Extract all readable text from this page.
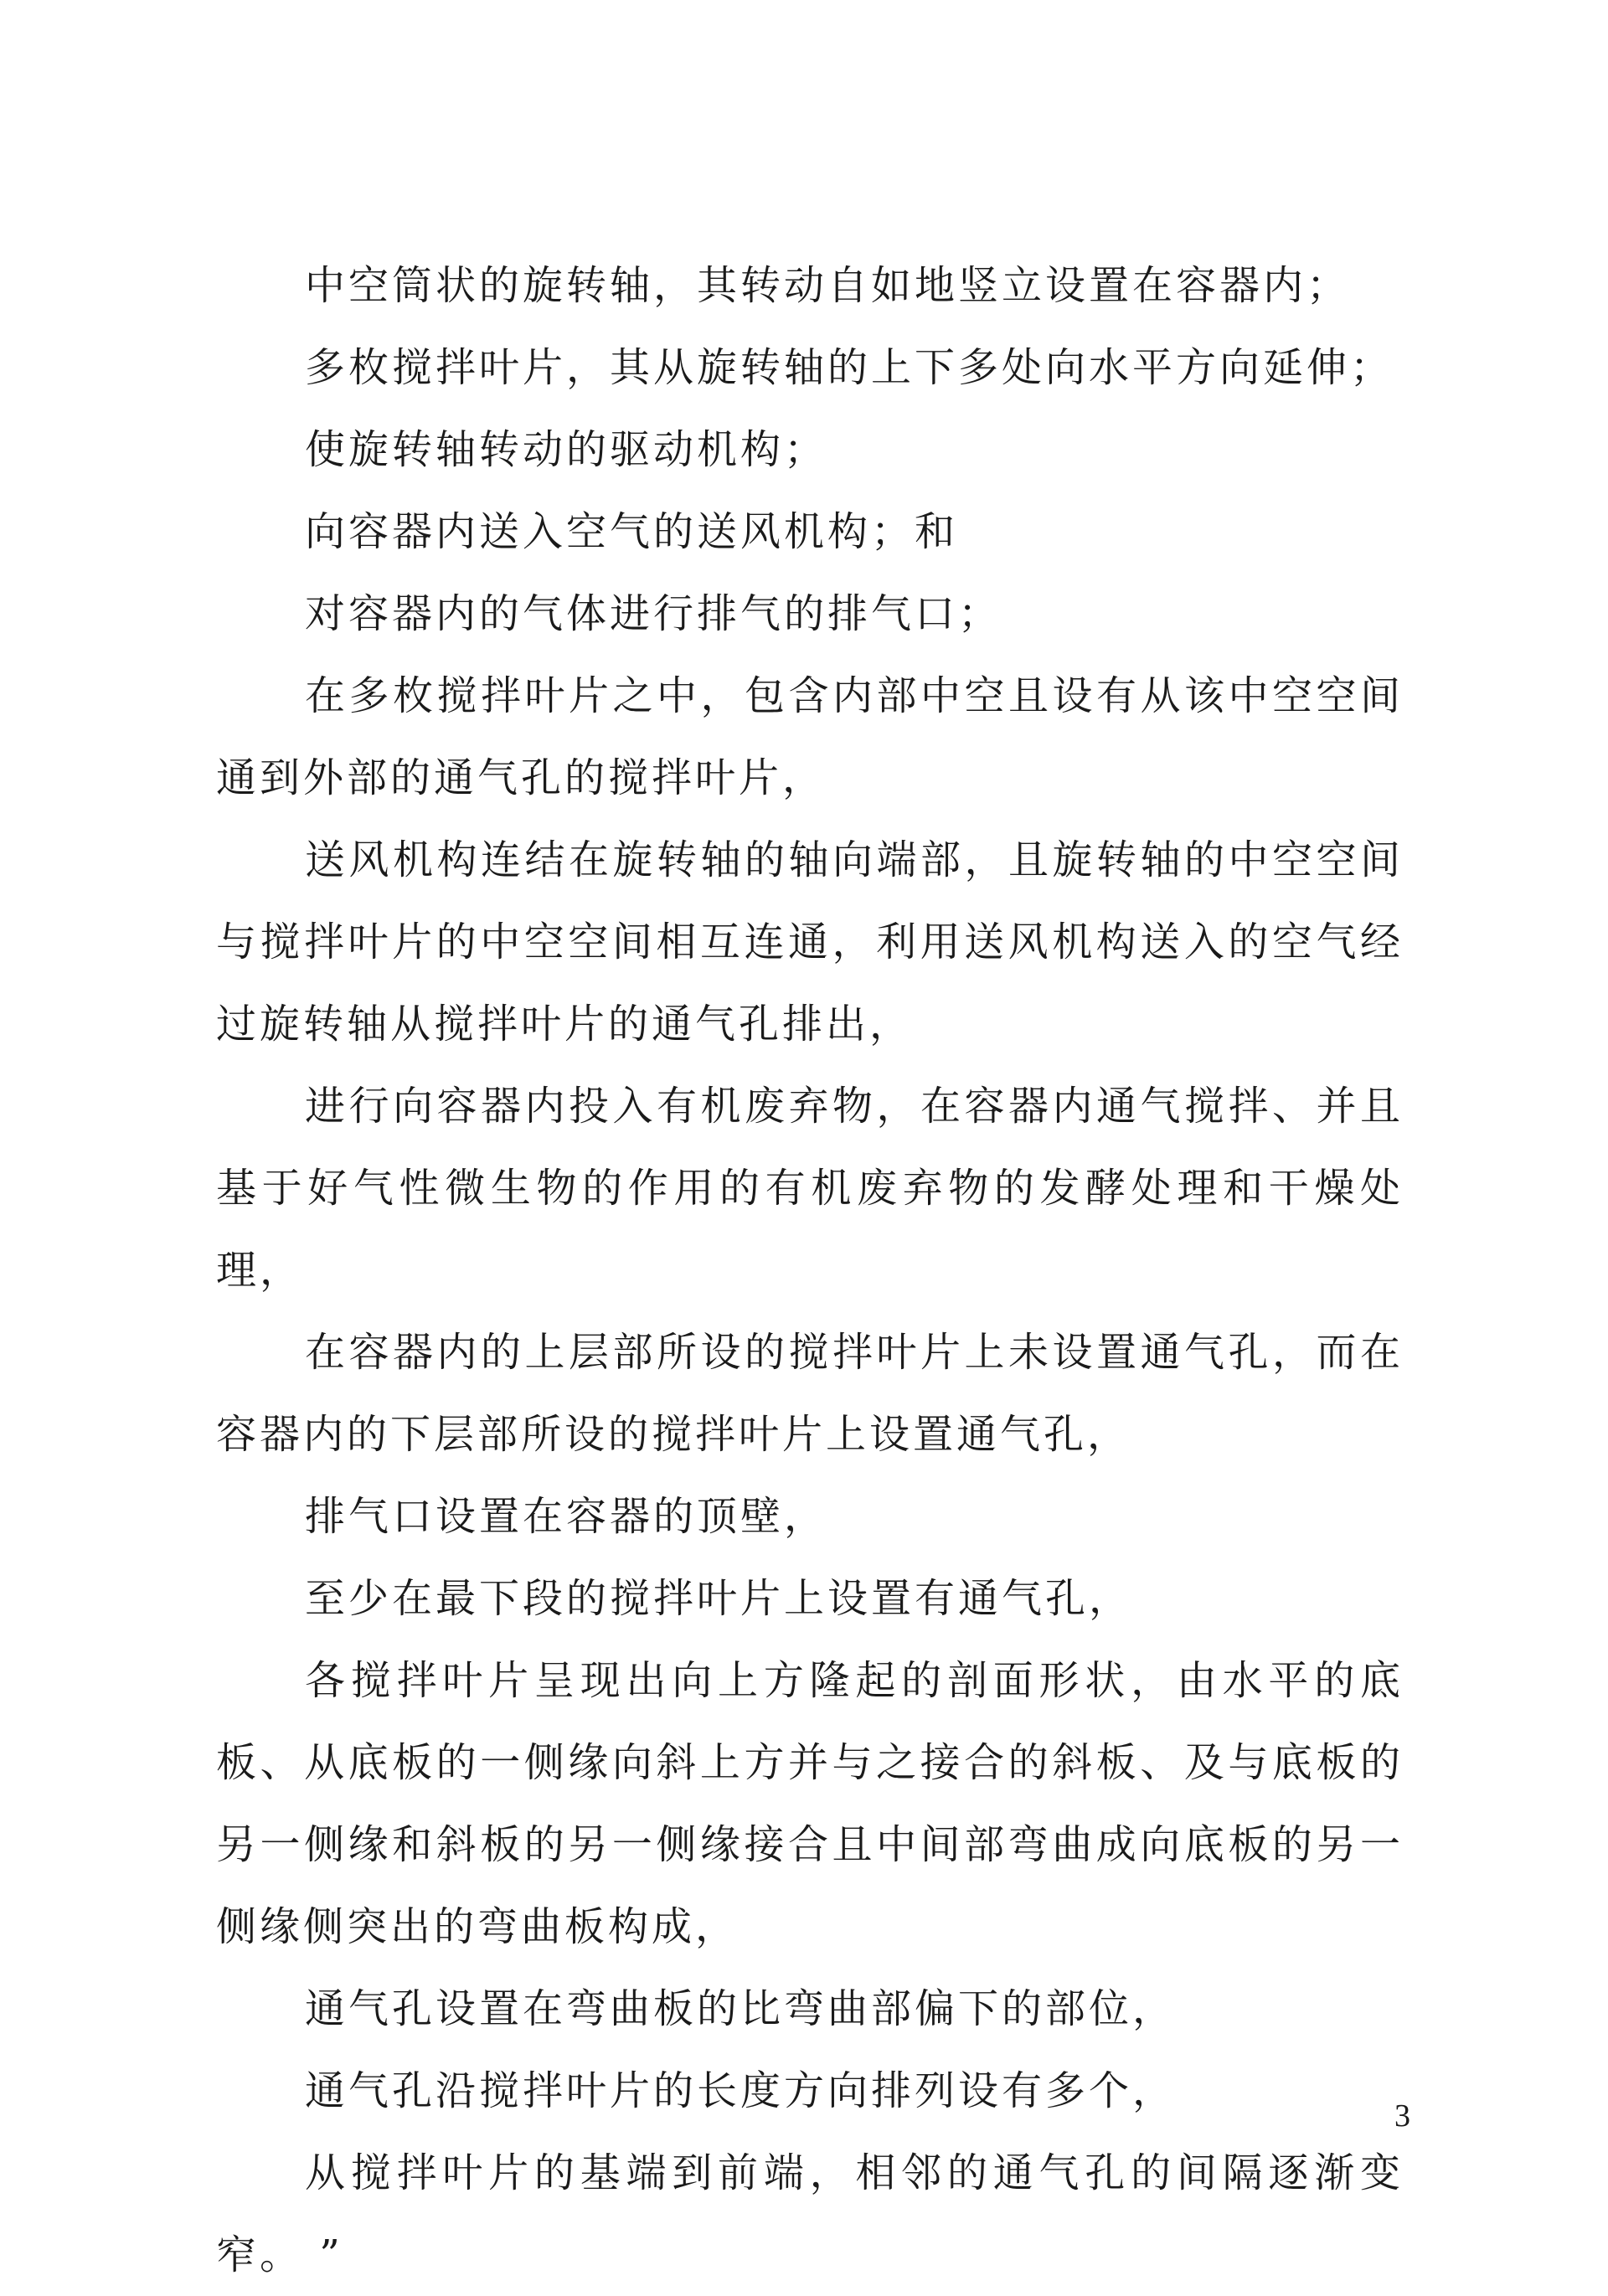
中空筒状的旋转轴，其转动自如地竖立设置在容器内；

多枚搅拌叶片，其从旋转轴的上下多处向水平方向延伸；

使旋转轴转动的驱动机构；

向容器内送入空气的送风机构；和

对容器内的气体进行排气的排气口；

在多枚搅拌叶片之中，包含内部中空且设有从该中空空间通到外部的通气孔的搅拌叶片，

送风机构连结在旋转轴的轴向端部，且旋转轴的中空空间与搅拌叶片的中空空间相互连通，利用送风机构送入的空气经过旋转轴从搅拌叶片的通气孔排出，

进行向容器内投入有机废弃物，在容器内通气搅拌、并且基于好气性微生物的作用的有机废弃物的发酵处理和干燥处理，

在容器内的上层部所设的搅拌叶片上未设置通气孔，而在容器内的下层部所设的搅拌叶片上设置通气孔，

排气口设置在容器的顶壁，

至少在最下段的搅拌叶片上设置有通气孔，

各搅拌叶片呈现出向上方隆起的剖面形状，由水平的底板、从底板的一侧缘向斜上方并与之接合的斜板、及与底板的另一侧缘和斜板的另一侧缘接合且中间部弯曲成向底板的另一侧缘侧突出的弯曲板构成，

通气孔设置在弯曲板的比弯曲部偏下的部位，

通气孔沿搅拌叶片的长度方向排列设有多个，

从搅拌叶片的基端到前端，相邻的通气孔的间隔逐渐变窄。 ”

3
